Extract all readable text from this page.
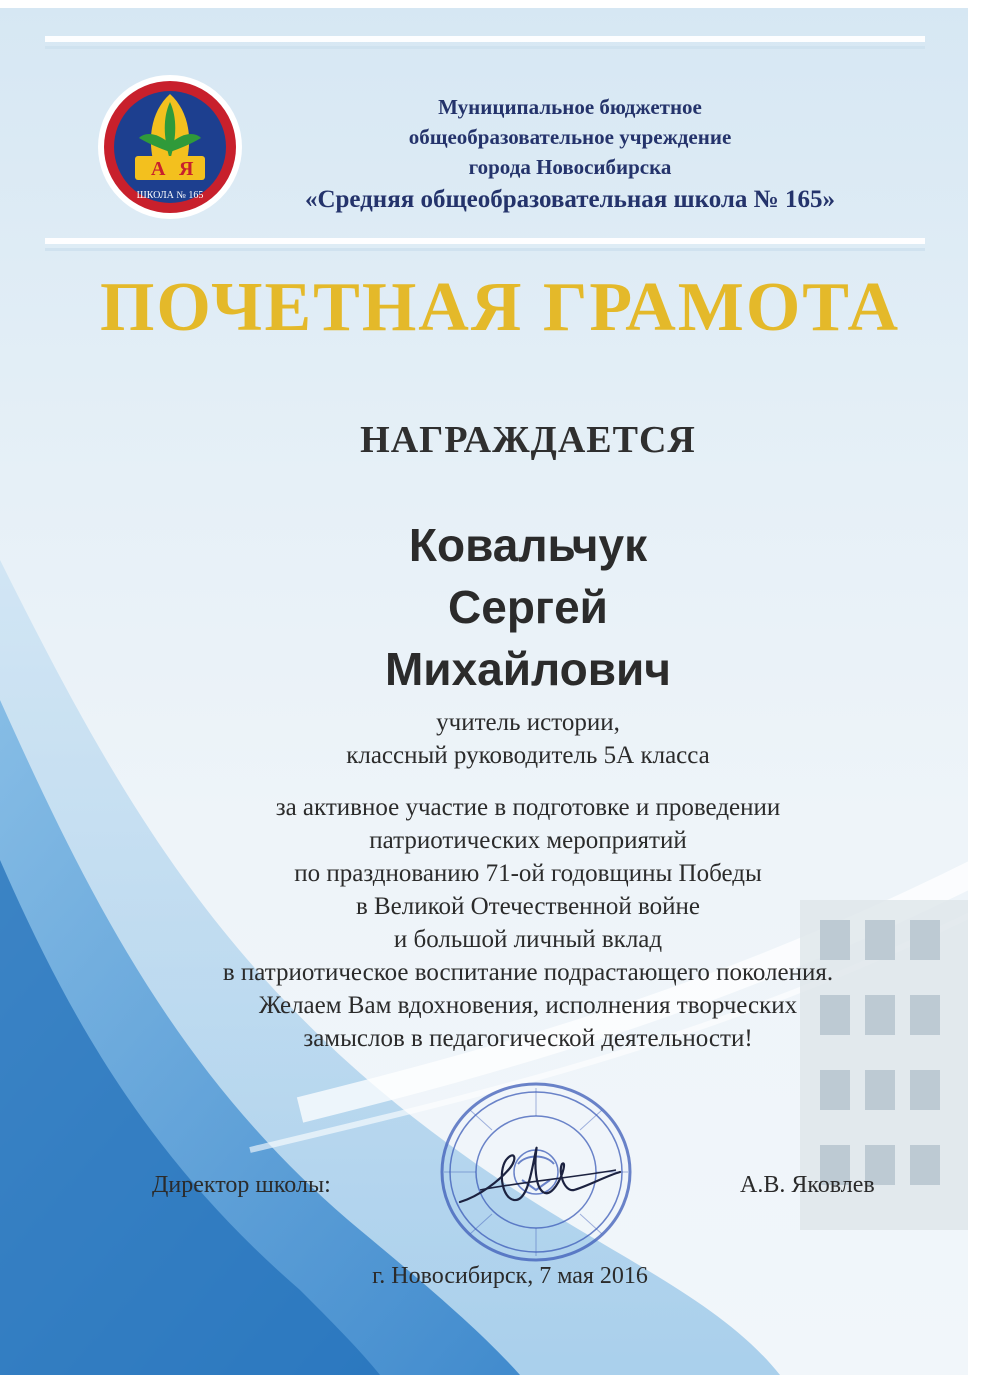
А Я
ШКОЛА № 165
Муниципальное бюджетное
общеобразовательное учреждение
города Новосибирска
«Средняя общеобразовательная школа № 165»
ПОЧЕТНАЯ ГРАМОТА
НАГРАЖДАЕТСЯ
Ковальчук
Сергей
Михайлович
учитель истории,
классный руководитель 5А класса
за активное участие в подготовке и проведении
патриотических мероприятий
по празднованию 71-ой годовщины Победы
в Великой Отечественной войне
и большой личный вклад
в патриотическое воспитание подрастающего поколения.
Желаем Вам вдохновения, исполнения творческих
замыслов в педагогической деятельности!
Директор школы:	А.В. Яковлев
г. Новосибирск, 7 мая 2016
